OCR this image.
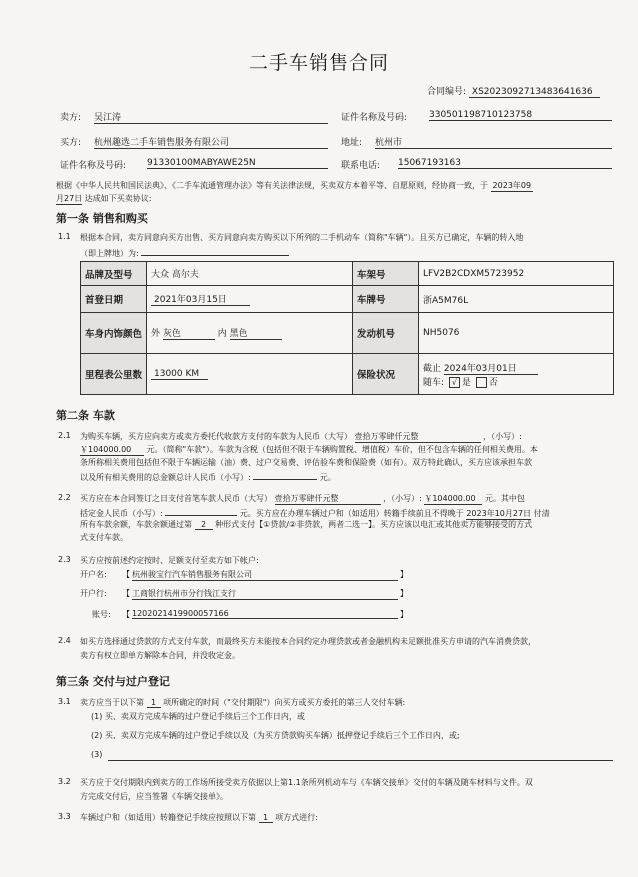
二手车销售合同
合同编号: XS2023092713483641636
卖方: 吴江涛	证件名称及号码: 330501198710123758
买方: 杭州趣选二手车销售服务有限公司	地址: 杭州市
证件名称及号码: 91330100MABYAWE25N	联系电话: 15067193163
根据《中华人民共和国民法典》、《二手车流通管理办法》等有关法律法规，买卖双方本着平等、自愿原则，经协商一致，于 2023年09
月27日 达成如下买卖协议:
第一条 销售和购买
1.1 根据本合同，卖方同意向买方出售、买方同意向卖方购买以下所列的二手机动车（简称"车辆"）。且买方已确定，车辆的转入地
（即上牌地）为:
品牌及型号	大众 高尔夫	车架号	LFV2B2CDXM5723952
首登日期	2021年03月15日	车牌号	浙A5M76L
车身内饰颜色	外 灰色 内 黑色	发动机号	NH5076
里程表公里数	13000 KM	保险状况	截止 2024年03月01日
随车: √ 是 否
第二条 车款
2.1 为购买车辆，买方应向卖方或卖方委托代收款方支付的车款为人民币（大写） 壹拾万零肆仟元整	，（小写）:
￥104000.00 元。（简称"车款"）。车款为含税（包括但不限于车辆购置税、增值税）车价，但不包含车辆的任何相关费用。本
条所称相关费用包括但不限于车辆运输（油）费、过户交易费、评估验车费和保险费（如有）。双方特此确认，买方应该承担车款
以及所有相关费用的总金额总计人民币（小写）:	元。
2.2 买方应在本合同签订之日支付首笔车款人民币（大写） 壹拾万零肆仟元整	，（小写）: ￥104000.00 元。其中包
括定金人民币（小写）:	元。买方应在办理车辆过户和（如适用）转籍手续前且不得晚于 2023年10月27日 付清
所有车款余额，车款余额通过第 2 种形式支付【①贷款/②非贷款，两者二选一】。买方应该以电汇或其他卖方能够接受的方式
式支付车款。
2.3 买方应按前述约定按时、足额支付至卖方如下帐户:
开户名: 【 杭州骏宝行汽车销售服务有限公司	】
开户行: 【 工商银行杭州市分行钱江支行	】
账号: 【 1202021419900057166	】
2.4 如买方选择通过贷款的方式支付车款，而最终买方未能按本合同约定办理贷款或者金融机构未足额批准买方申请的汽车消费贷款，
卖方有权立即单方解除本合同，并没收定金。
第三条 交付与过户登记
3.1 卖方应当于以下第 1 项所确定的时间（"交付期限"）向买方或买方委托的第三人交付车辆:
(1) 买、卖双方完成车辆的过户登记手续后三个工作日内，或
(2) 买、卖双方完成车辆的过户登记手续以及（为买方贷款购买车辆）抵押登记手续后三个工作日内，或;
(3)
3.2 买方应于交付期限内到卖方的工作场所接受卖方依据以上第1.1条所列机动车与《车辆交接单》交付的车辆及随车材料与文件。双
方完成交付后，应当签署《车辆交接单》。
3.3 车辆过户和（如适用）转籍登记手续应按照以下第 1 项方式进行:
